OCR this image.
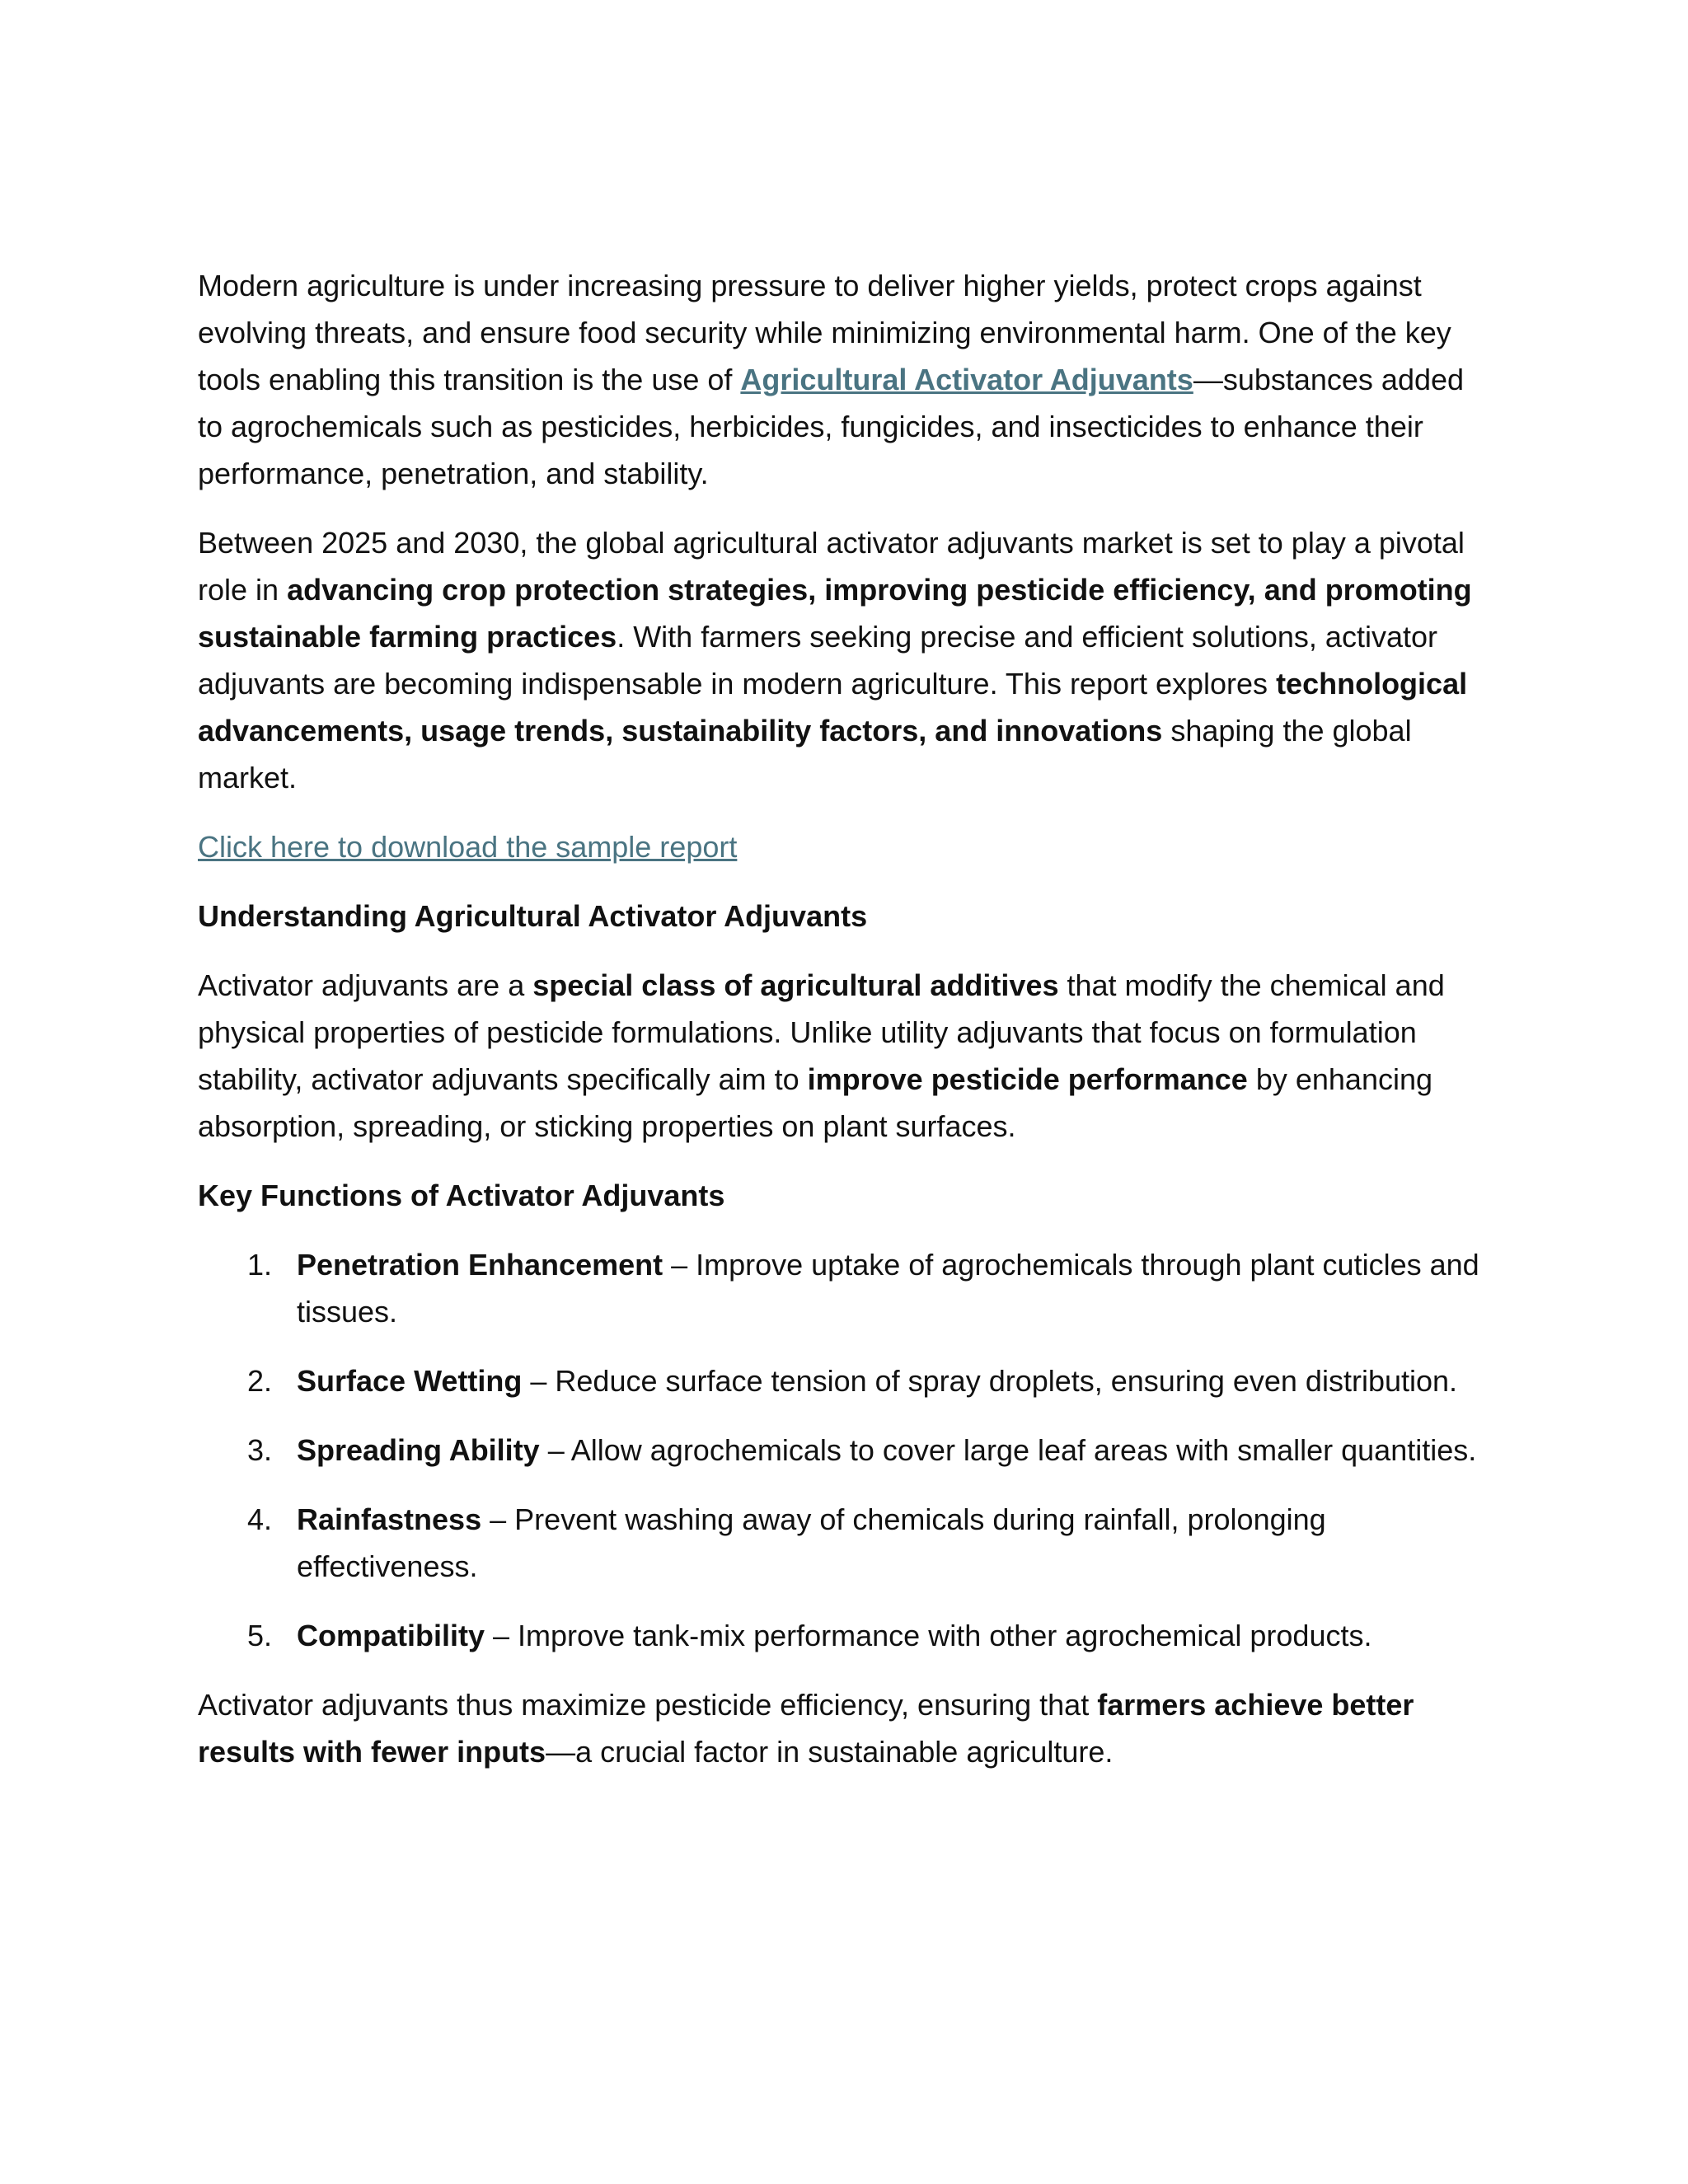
Modern agriculture is under increasing pressure to deliver higher yields, protect crops against evolving threats, and ensure food security while minimizing environmental harm. One of the key tools enabling this transition is the use of Agricultural Activator Adjuvants—substances added to agrochemicals such as pesticides, herbicides, fungicides, and insecticides to enhance their performance, penetration, and stability.

Between 2025 and 2030, the global agricultural activator adjuvants market is set to play a pivotal role in advancing crop protection strategies, improving pesticide efficiency, and promoting sustainable farming practices. With farmers seeking precise and efficient solutions, activator adjuvants are becoming indispensable in modern agriculture. This report explores technological advancements, usage trends, sustainability factors, and innovations shaping the global market.

Click here to download the sample report

Understanding Agricultural Activator Adjuvants

Activator adjuvants are a special class of agricultural additives that modify the chemical and physical properties of pesticide formulations. Unlike utility adjuvants that focus on formulation stability, activator adjuvants specifically aim to improve pesticide performance by enhancing absorption, spreading, or sticking properties on plant surfaces.

Key Functions of Activator Adjuvants
1. Penetration Enhancement – Improve uptake of agrochemicals through plant cuticles and tissues.
2. Surface Wetting – Reduce surface tension of spray droplets, ensuring even distribution.
3. Spreading Ability – Allow agrochemicals to cover large leaf areas with smaller quantities.
4. Rainfastness – Prevent washing away of chemicals during rainfall, prolonging effectiveness.
5. Compatibility – Improve tank-mix performance with other agrochemical products.

Activator adjuvants thus maximize pesticide efficiency, ensuring that farmers achieve better results with fewer inputs—a crucial factor in sustainable agriculture.
